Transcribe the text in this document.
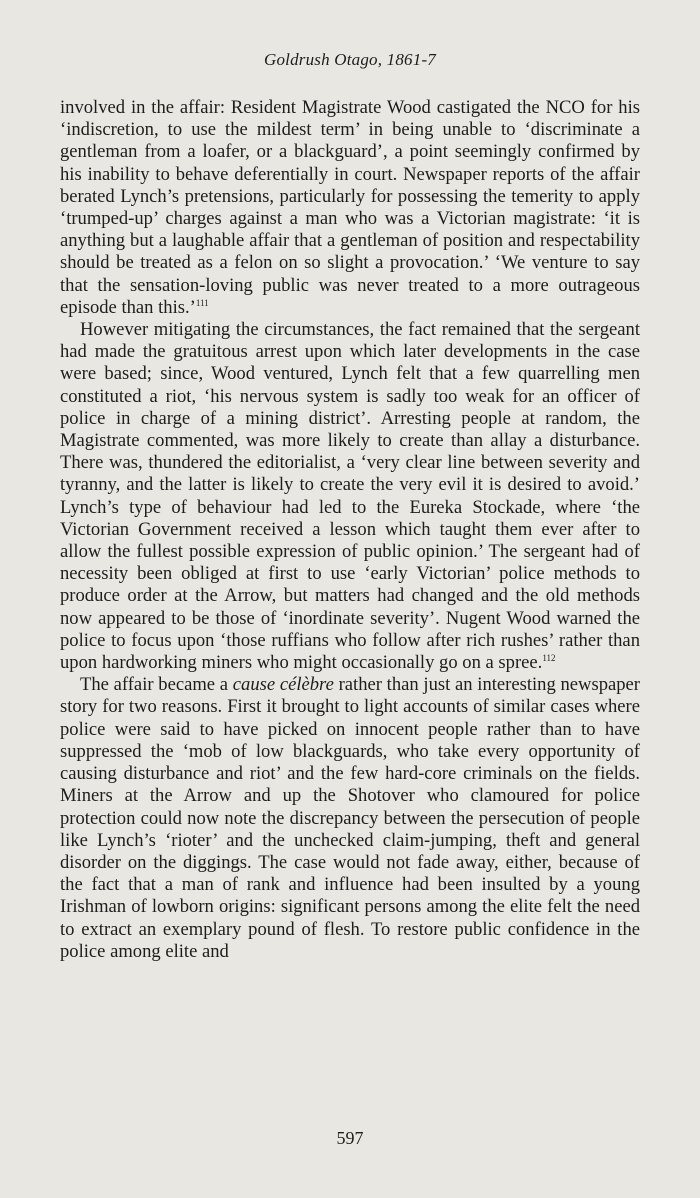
Goldrush Otago, 1861-7

involved in the affair: Resident Magistrate Wood castigated the NCO for his ‘indiscretion, to use the mildest term’ in being unable to ‘discriminate a gentleman from a loafer, or a blackguard’, a point seemingly confirmed by his inability to behave deferentially in court. Newspaper reports of the affair berated Lynch’s pretensions, particularly for possessing the temerity to apply ‘trumped-up’ charges against a man who was a Victorian magistrate: ‘it is anything but a laughable affair that a gentleman of position and respectability should be treated as a felon on so slight a provocation.’ ‘We venture to say that the sensation-loving public was never treated to a more outrageous episode than this.’$^{111}$

However mitigating the circumstances, the fact remained that the sergeant had made the gratuitous arrest upon which later developments in the case were based; since, Wood ventured, Lynch felt that a few quarrelling men constituted a riot, ‘his nervous system is sadly too weak for an officer of police in charge of a mining district’. Arresting people at random, the Magistrate commented, was more likely to create than allay a disturbance. There was, thundered the editorialist, a ‘very clear line between severity and tyranny, and the latter is likely to create the very evil it is desired to avoid.’ Lynch’s type of behaviour had led to the Eureka Stockade, where ‘the Victorian Government received a lesson which taught them ever after to allow the fullest possible expression of public opinion.’ The sergeant had of necessity been obliged at first to use ‘early Victorian’ police methods to produce order at the Arrow, but matters had changed and the old methods now appeared to be those of ‘inordinate severity’. Nugent Wood warned the police to focus upon ‘those ruffians who follow after rich rushes’ rather than upon hardworking miners who might occasionally go on a spree.$^{112}$

The affair became a cause célèbre rather than just an interesting newspaper story for two reasons. First it brought to light accounts of similar cases where police were said to have picked on innocent people rather than to have suppressed the ‘mob of low blackguards, who take every opportunity of causing disturbance and riot’ and the few hard-core criminals on the fields. Miners at the Arrow and up the Shotover who clamoured for police protection could now note the discrepancy between the persecution of people like Lynch’s ‘rioter’ and the unchecked claim-jumping, theft and general disorder on the diggings. The case would not fade away, either, because of the fact that a man of rank and influence had been insulted by a young Irishman of lowborn origins: significant persons among the elite felt the need to extract an exemplary pound of flesh. To restore public confidence in the police among elite and

597
